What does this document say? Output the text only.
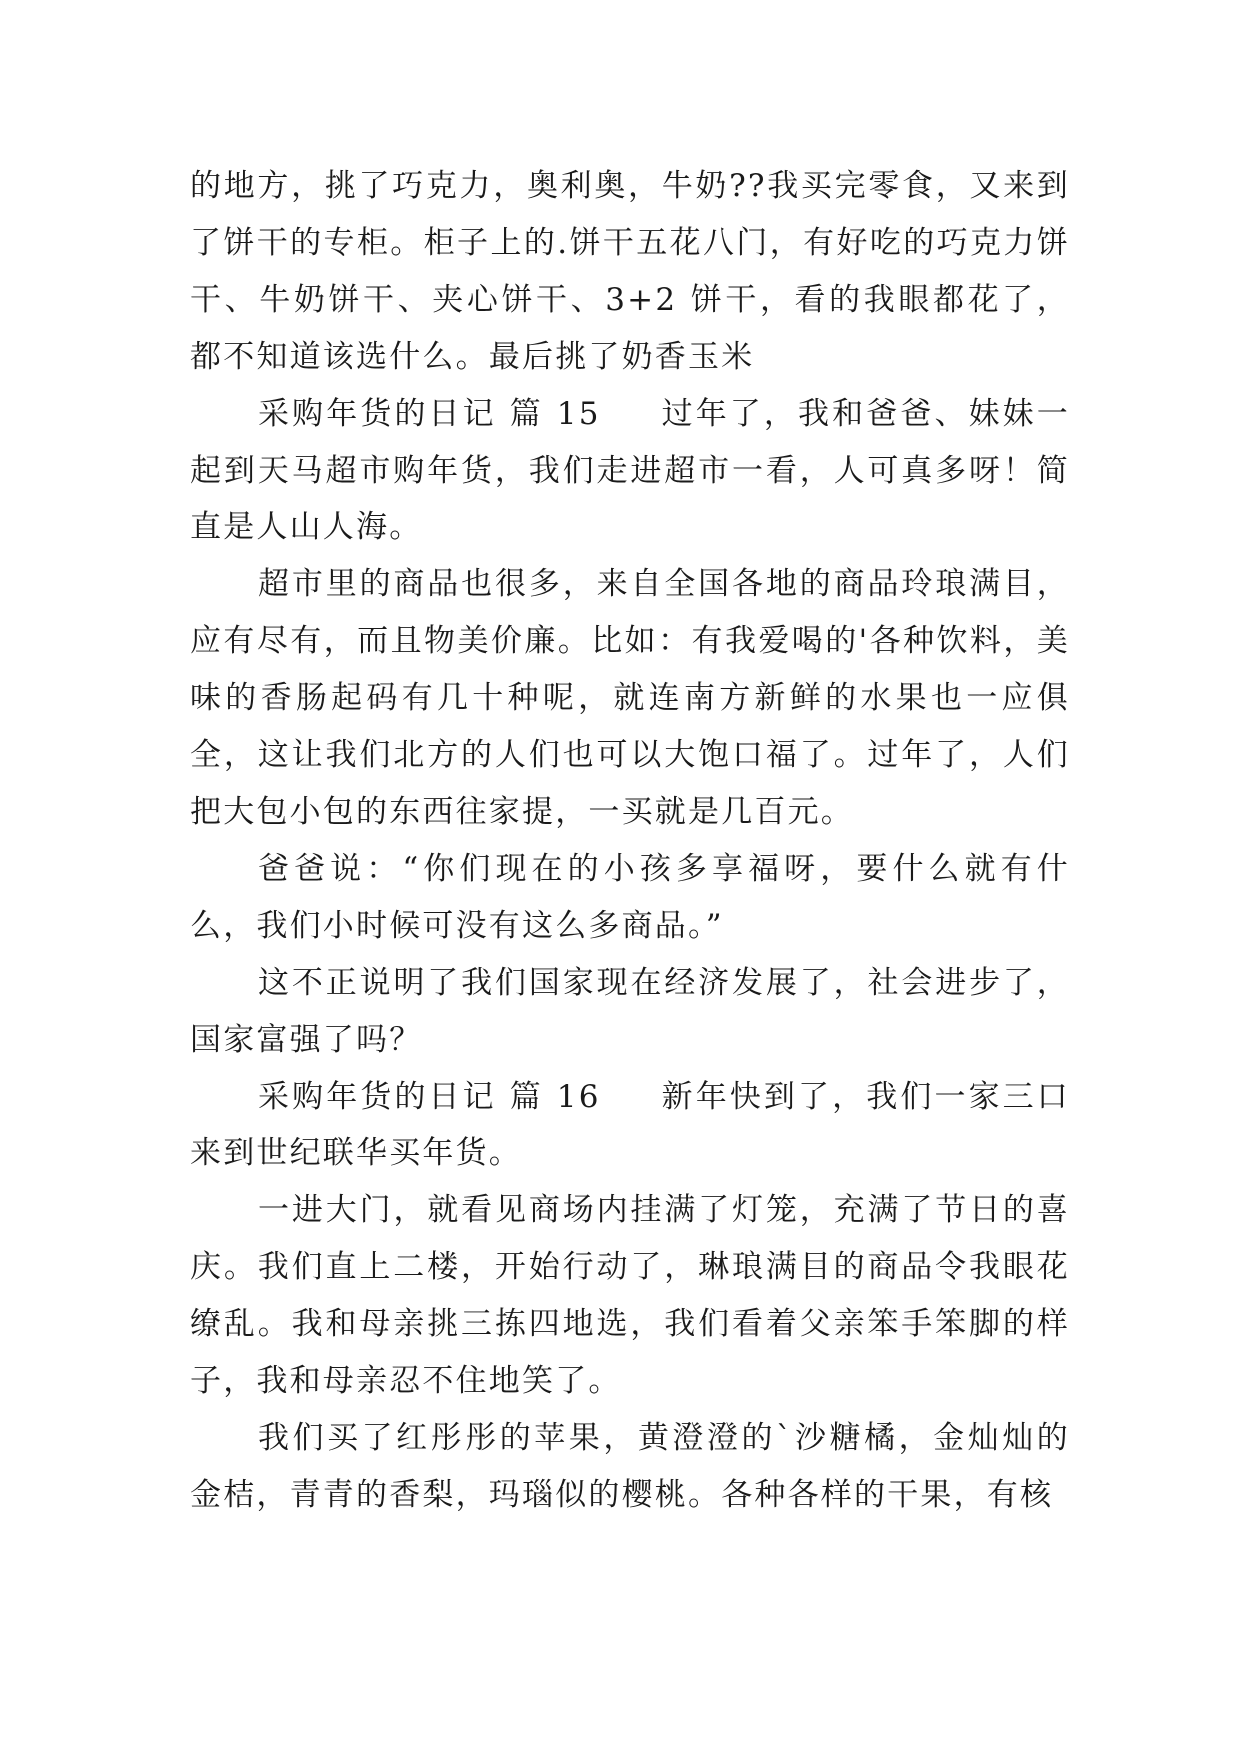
的地方，挑了巧克力，奥利奥，牛奶??我买完零食，又来到了饼干的专柜。柜子上的.饼干五花八门，有好吃的巧克力饼干、牛奶饼干、夹心饼干、3+2 饼干，看的我眼都花了，都不知道该选什么。最后挑了奶香玉米

采购年货的日记 篇 15 过年了，我和爸爸、妹妹一起到天马超市购年货，我们走进超市一看，人可真多呀！简直是人山人海。

超市里的商品也很多，来自全国各地的商品玲琅满目，应有尽有，而且物美价廉。比如：有我爱喝的'各种饮料，美味的香肠起码有几十种呢，就连南方新鲜的水果也一应俱全，这让我们北方的人们也可以大饱口福了。过年了，人们把大包小包的东西往家提，一买就是几百元。

爸爸说：“你们现在的小孩多享福呀，要什么就有什么，我们小时候可没有这么多商品。”

这不正说明了我们国家现在经济发展了，社会进步了，国家富强了吗？

采购年货的日记 篇 16 新年快到了，我们一家三口来到世纪联华买年货。

一进大门，就看见商场内挂满了灯笼，充满了节日的喜庆。我们直上二楼，开始行动了，琳琅满目的商品令我眼花缭乱。我和母亲挑三拣四地选，我们看着父亲笨手笨脚的样子，我和母亲忍不住地笑了。

我们买了红彤彤的苹果，黄澄澄的`沙糖橘，金灿灿的金桔，青青的香梨，玛瑙似的樱桃。各种各样的干果，有核
